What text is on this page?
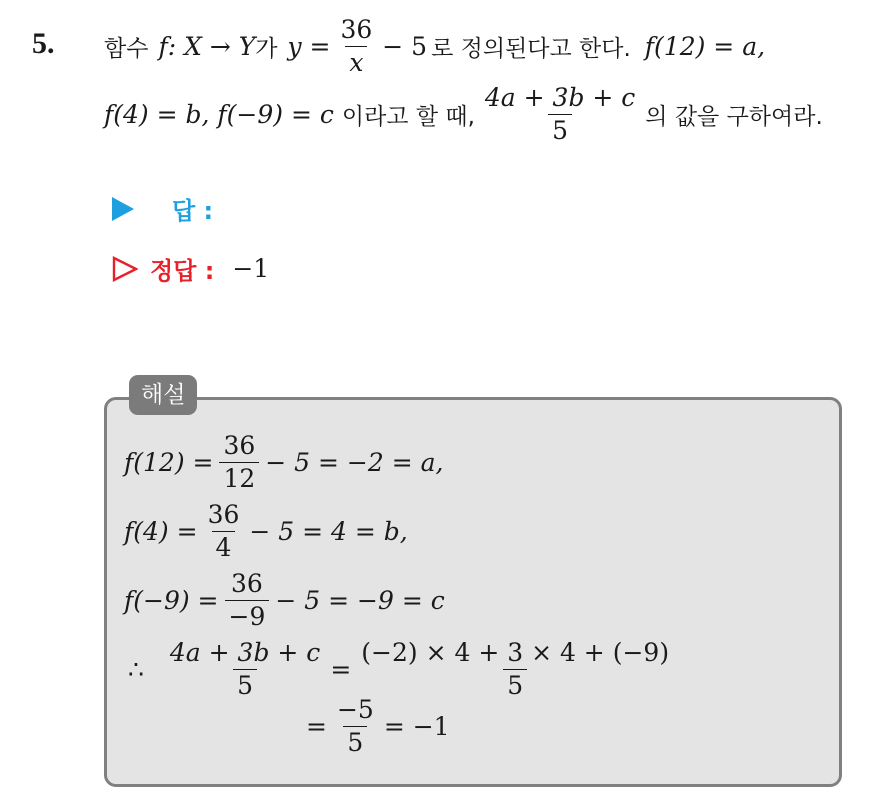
5. 함수 f : X → Y 가 $y = \frac{36}{x} - 5$ 로 정의된다고 한다. f(12) = a,
f(4) = b, f(−9) = c 이라고 할 때, $\frac{4a + 3b + c}{5}$ 의 값을 구하여라.
답 :
정답 : −1
해설
$f(12) = \frac{36}{12} - 5 = -2 = a$,
$f(4) = \frac{36}{4} - 5 = 4 = b$,
$f(-9) = \frac{36}{-9} - 5 = -9 = c$
∴ $\frac{4a + 3b + c}{5} = \frac{(-2) \times 4 + 3 \times 4 + (-9)}{5}$
= $\frac{-5}{5} = -1$
